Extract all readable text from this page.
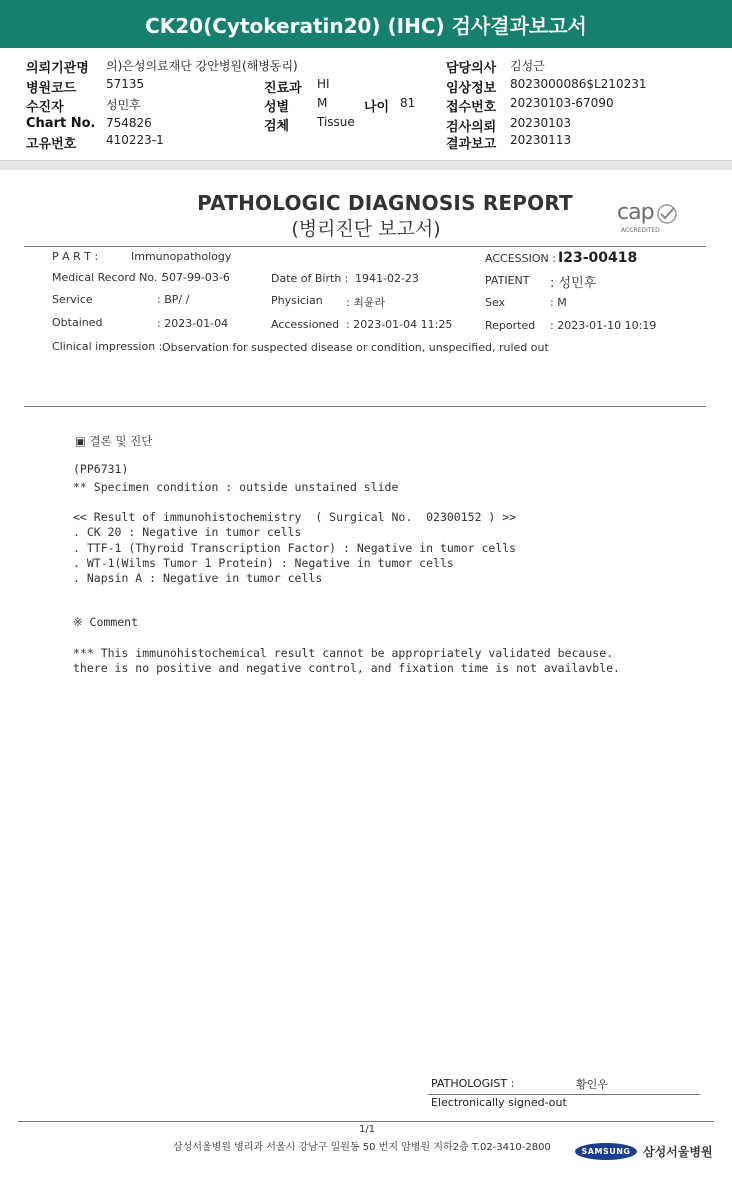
CK20(Cytokeratin20) (IHC) 검사결과보고서
의뢰기관명 의)은성의료재단 강안병원(해병동리)
병원코드 57135
수진자	성민후
Chart No. 754826
고유번호 410223-1
진료과 HI
성별 M	나이 81
검체 Tissue
담당의사 김성근
임상정보 8023000086$L210231
접수번호 20230103-67090
검사의뢰 20230103
결과보고 20230113
PATHOLOGIC DIAGNOSIS REPORT
(병리진단 보고서)
cap
ACCREDITED
P A R T :	Immunopathology
Medical Record No. :
507-99-03-6
Service	: BP/ /
Obtained	: 2023-01-04
Date of Birth : 1941-02-23
Physician : 최윤라
Accessioned : 2023-01-04 11:25
ACCESSION : I23-00418
PATIENT : 성민후
Sex	: M
Reported : 2023-01-10 10:19
Clinical impression : Observation for suspected disease or condition, unspecified, ruled out
▣ 결론 및 진단
(PP6731)
** Specimen condition : outside unstained slide
<< Result of immunohistochemistry  ( Surgical No.  02300152 ) >>
. CK 20 : Negative in tumor cells
. TTF-1 (Thyroid Transcription Factor) : Negative in tumor cells
. WT-1(Wilms Tumor 1 Protein) : Negative in tumor cells
. Napsin A : Negative in tumor cells
※ Comment
*** This immunohistochemical result cannot be appropriately validated because.
there is no positive and negative control, and fixation time is not availavble.
PATHOLOGIST :	황인우
Electronically signed-out
1/1
삼성서울병원 병리과 서울시 강남구 일원동 50 번지 암병원 지하2층 T.02-3410-2800	SAMSUNG	삼성서울병원
